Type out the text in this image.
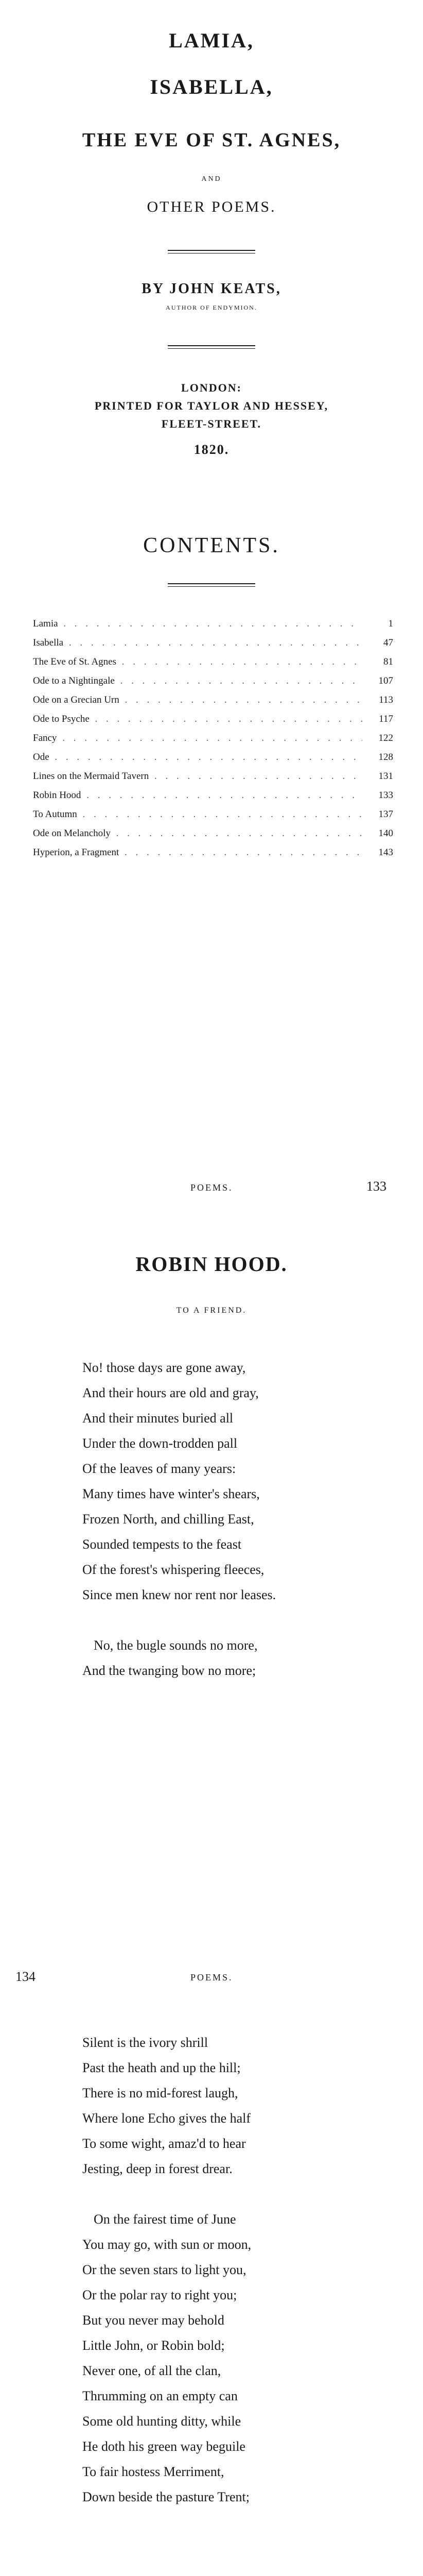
LAMIA,

ISABELLA,

THE EVE OF ST. AGNES,

AND

OTHER POEMS.

BY JOHN KEATS,

AUTHOR OF ENDYMION.

LONDON:

PRINTED FOR TAYLOR AND HESSEY,

FLEET-STREET.

1820.

CONTENTS.

Lamia . . .	1
Isabella . . .	47
The Eve of St. Agnes . . .	81
Ode to a Nightingale . . .	107
Ode on a Grecian Urn . . .	113
Ode to Psyche . . .	117
Fancy . . .	122
Ode . . .	128
Lines on the Mermaid Tavern . . .	131
Robin Hood . . .	133
To Autumn . . .	137
Ode on Melancholy . . .	140
Hyperion, a Fragment . . .	143
POEMS.	133

ROBIN HOOD.

TO A FRIEND.
No! those days are gone away,
And their hours are old and gray,
And their minutes buried all
Under the down-trodden pall
Of the leaves of many years:
Many times have winter's shears,
Frozen North, and chilling East,
Sounded tempests to the feast
Of the forest's whispering fleeces,
Since men knew nor rent nor leases.
No, the bugle sounds no more,
And the twanging bow no more;
134	POEMS.
Silent is the ivory shrill
Past the heath and up the hill;
There is no mid-forest laugh,
Where lone Echo gives the half
To some wight, amaz'd to hear
Jesting, deep in forest drear.
On the fairest time of June
You may go, with sun or moon,
Or the seven stars to light you,
Or the polar ray to right you;
But you never may behold
Little John, or Robin bold;
Never one, of all the clan,
Thrumming on an empty can
Some old hunting ditty, while
He doth his green way beguile
To fair hostess Merriment,
Down beside the pasture Trent;
